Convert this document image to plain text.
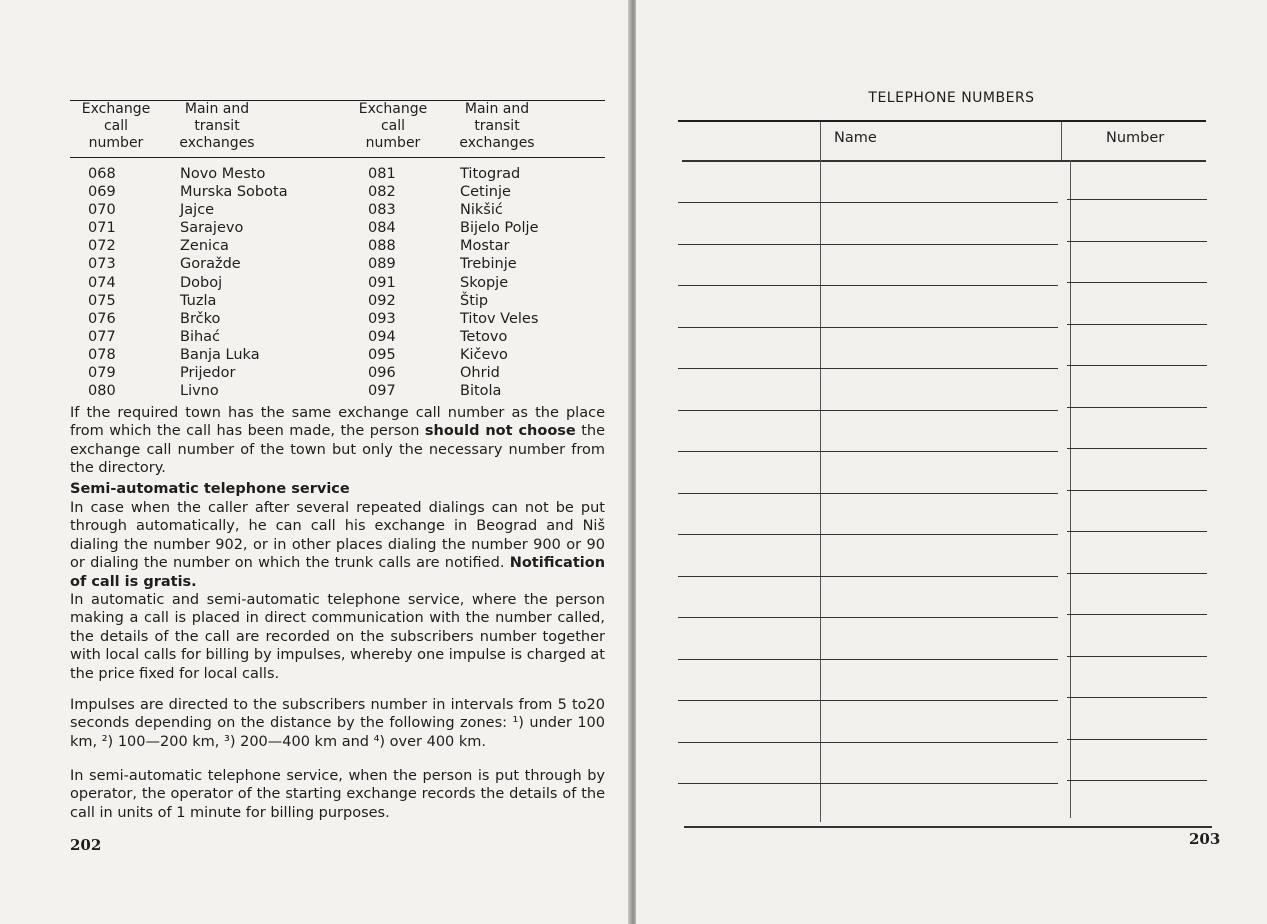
Exchange
call
number
Main and
transit
exchanges
Exchange
call
number
Main and
transit
exchanges
068
069
070
071
072
073
074
075
076
077
078
079
080
Novo Mesto
Murska Sobota
Jajce
Sarajevo
Zenica
Goražde
Doboj
Tuzla
Brčko
Bihać
Banja Luka
Prijedor
Livno
081
082
083
084
088
089
091
092
093
094
095
096
097
Titograd
Cetinje
Nikšić
Bijelo Polje
Mostar
Trebinje
Skopje
Štip
Titov Veles
Tetovo
Kičevo
Ohrid
Bitola
If the required town has the same exchange call number as the place from which the call has been made, the person should not choose the exchange call number of the town but only the necessary number from the directory.
Semi-automatic telephone service
In case when the caller after several repeated dialings can not be put through automatically, he can call his exchange in Beograd and Niš dialing the number 902, or in other places dialing the number 900 or 90 or dialing the number on which the trunk calls are notified. Notification of call is gratis.
In automatic and semi-automatic telephone service, where the person making a call is placed in direct communication with the number called, the details of the call are recorded on the subscribers number together with local calls for billing by impulses, whereby one impulse is charged at the price fixed for local calls.
Impulses are directed to the subscribers number in intervals from 5 to20 seconds depending on the distance by the following zones: ¹) under 100 km, ²) 100—200 km, ³) 200—400 km and ⁴) over 400 km.
In semi-automatic telephone service, when the person is put through by operator, the operator of the starting exchange records the details of the call in units of 1 minute for billing purposes.
202
TELEPHONE NUMBERS
Name	Number
203
